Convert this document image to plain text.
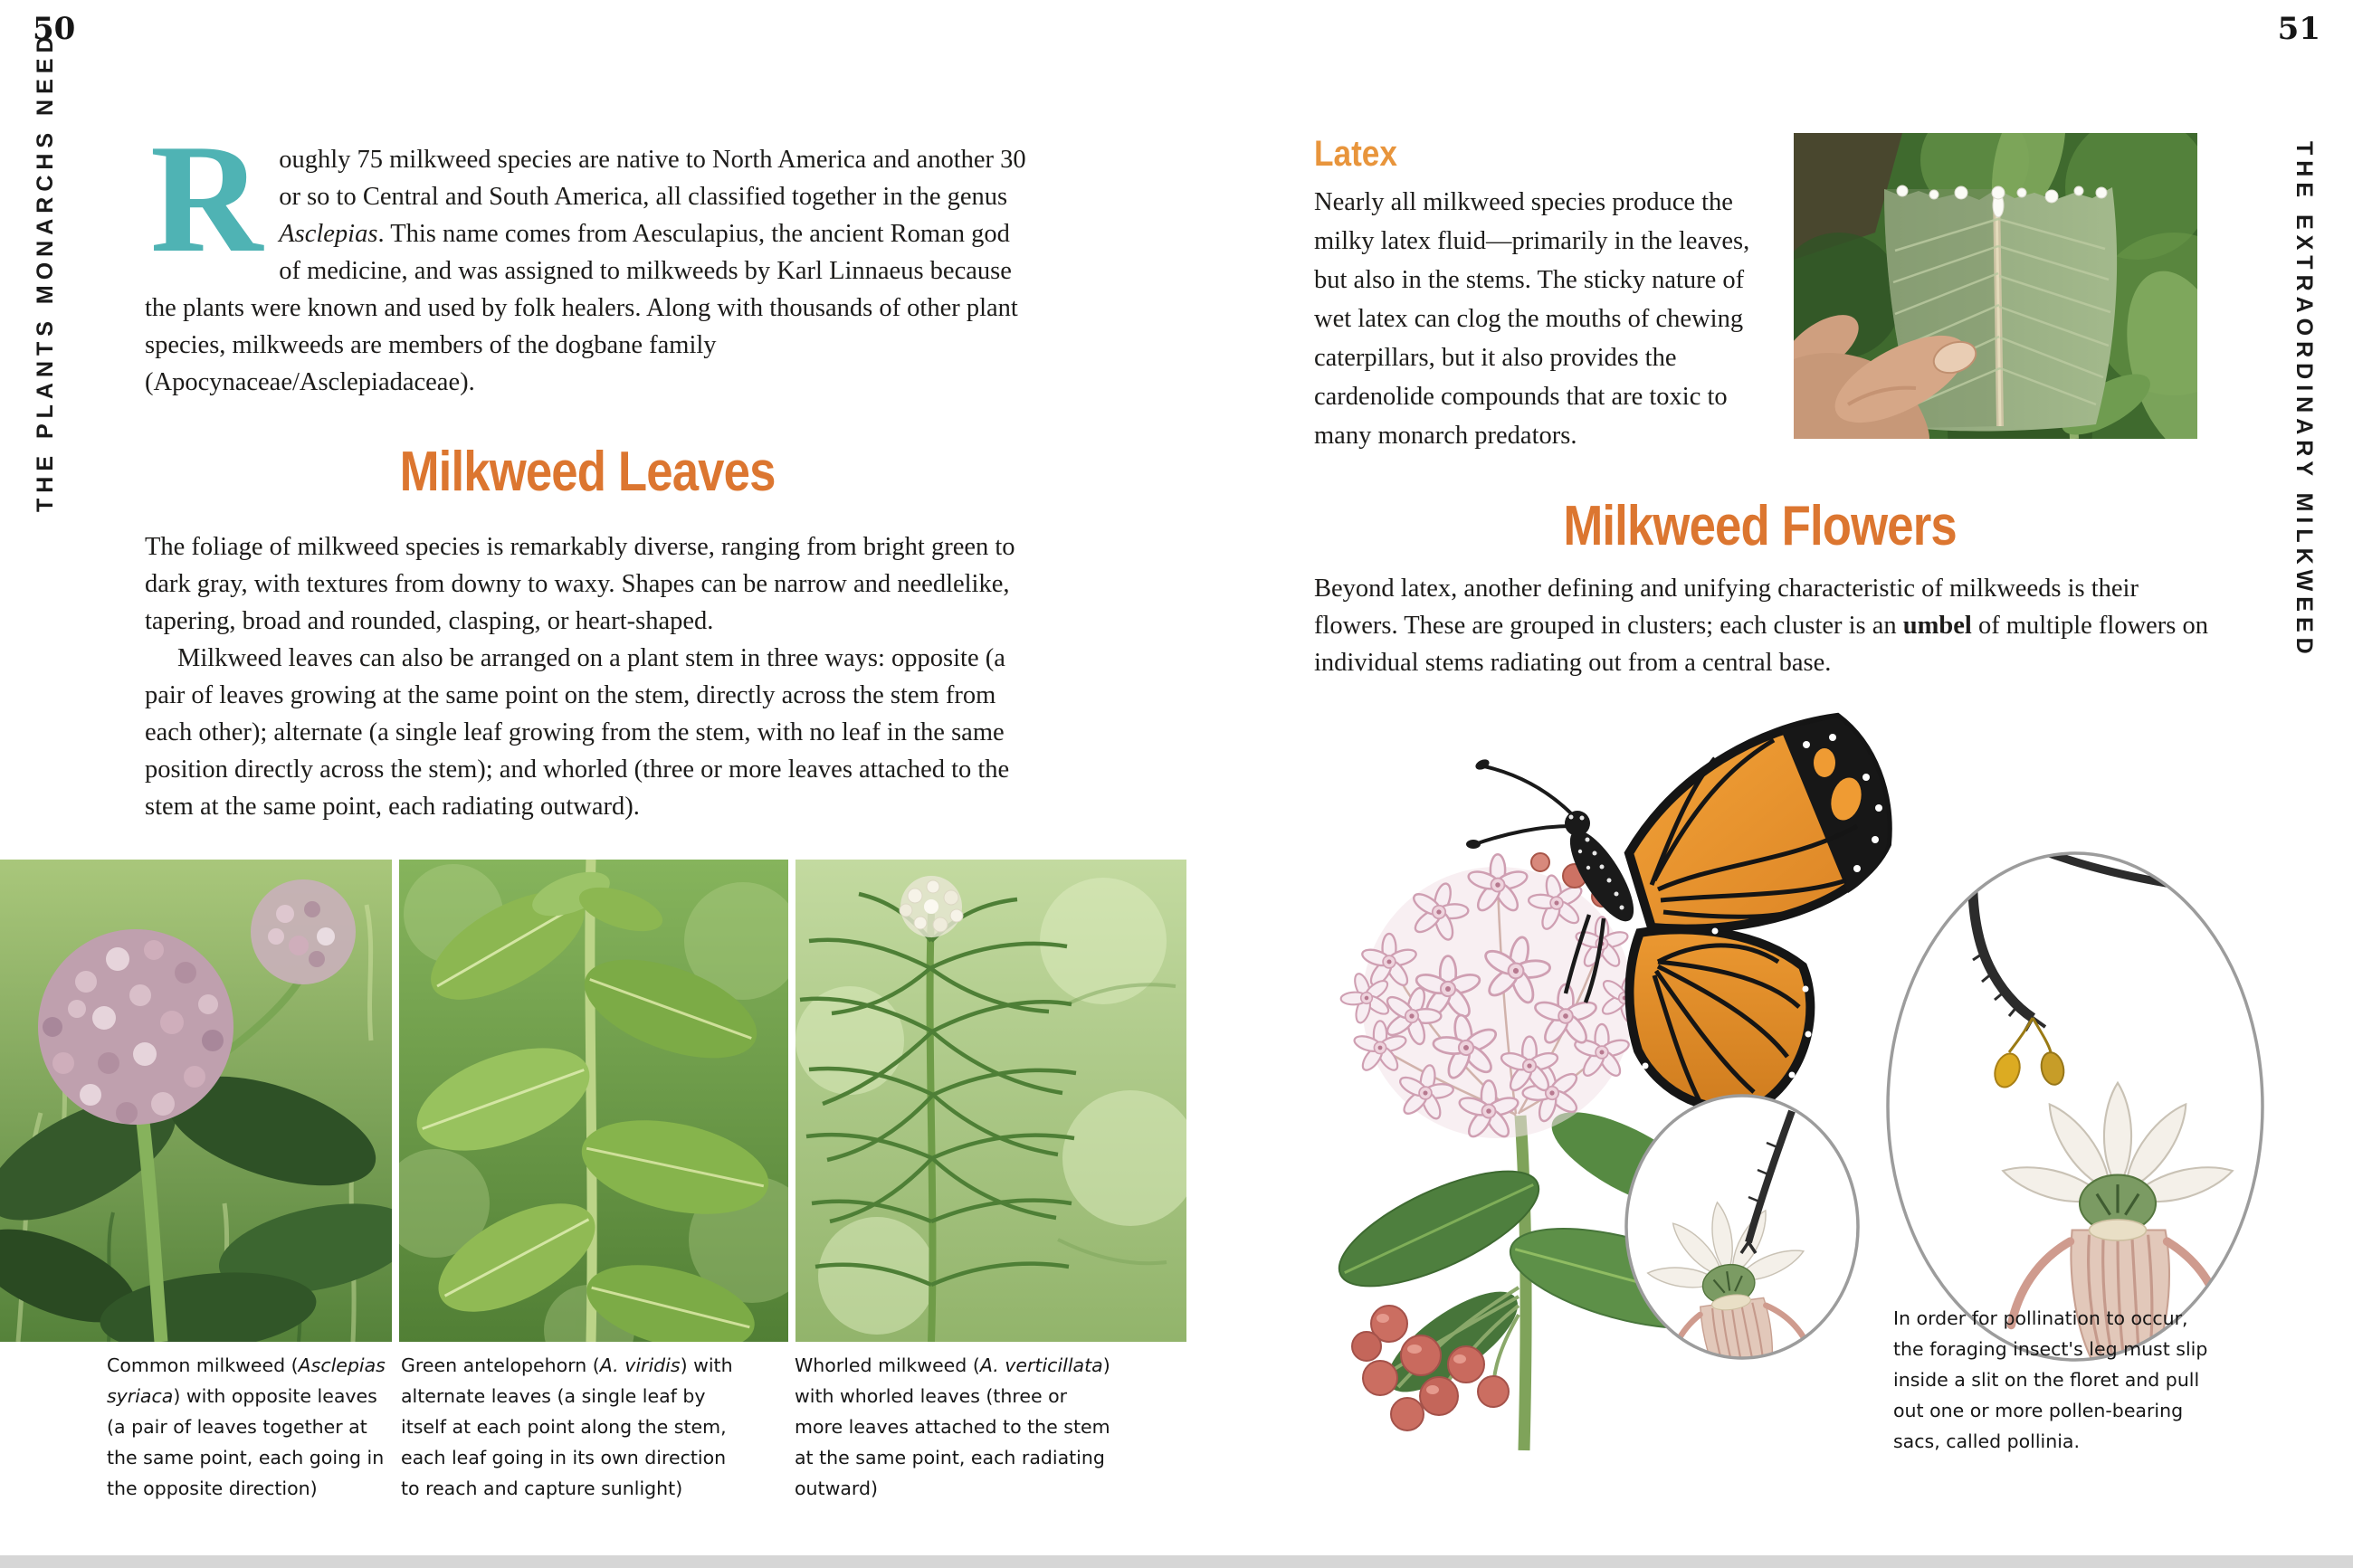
50
THE PLANTS MONARCHS NEED Roughly 75 milkweed species are native to North America and another 30 or so to Central and South America, all classified together in the genus Asclepias. This name comes from Aesculapius, the ancient Roman god of medicine, and was assigned to milkweeds by Karl Linnaeus because the plants were known and used by folk healers. Along with thousands of other plant species, milkweeds are members of the dogbane family (Apocynaceae/Asclepiadaceae).

Milkweed Leaves

The foliage of milkweed species is remarkably diverse, ranging from bright green to dark gray, with textures from downy to waxy. Shapes can be narrow and needlelike, tapering, broad and rounded, clasping, or heart-shaped.

Milkweed leaves can also be arranged on a plant stem in three ways: opposite (a pair of leaves growing at the same point on the stem, directly across the stem from each other); alternate (a single leaf growing from the stem, with no leaf in the same position directly across the stem); and whorled (three or more leaves attached to the stem at the same point, each radiating outward).

Common milkweed (Asclepias syriaca) with opposite leaves (a pair of leaves together at the same point, each going in the opposite direction)
Green antelopehorn (A. viridis) with alternate leaves (a single leaf by itself at each point along the stem, each leaf going in its own direction to reach and capture sunlight)
Whorled milkweed (A. verticillata) with whorled leaves (three or more leaves attached to the stem at the same point, each radiating outward)
51
THE EXTRAORDINARY MILKWEED
Latex

Nearly all milkweed species produce the milky latex fluid—primarily in the leaves, but also in the stems. The sticky nature of wet latex can clog the mouths of chewing caterpillars, but it also provides the cardenolide compounds that are toxic to many monarch predators.

Milkweed Flowers

Beyond latex, another defining and unifying characteristic of milkweeds is their flowers. These are grouped in clusters; each cluster is an umbel of multiple flowers on individual stems radiating out from a central base.

In order for pollination to occur, the foraging insect's leg must slip inside a slit on the floret and pull out one or more pollen-bearing sacs, called pollinia.
